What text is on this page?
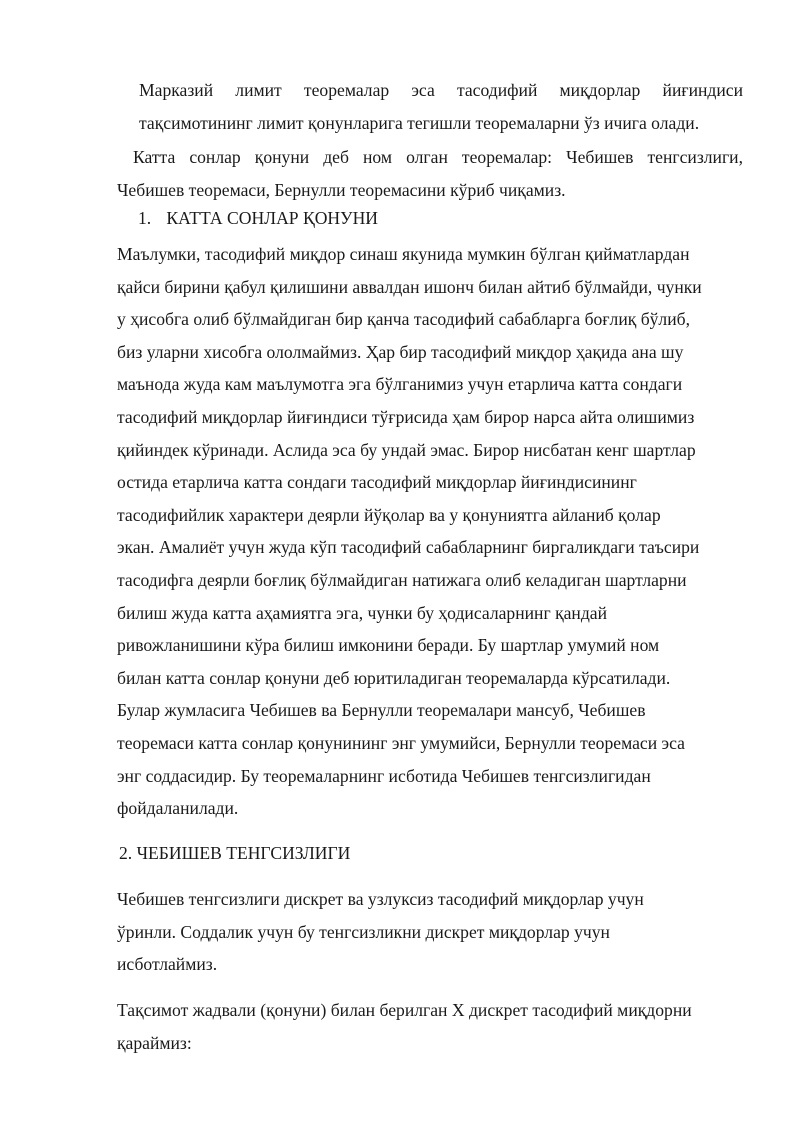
Марказий лимит теоремалар эса тасодифий миқдорлар йиғиндиси
тақсимотининг лимит қонунларига тегишли теоремаларни ўз ичига олади.

Катта сонлар қонуни деб ном олган теоремалар: Чебишев тенгсизлиги,
Чебишев теоремаси, Бернулли теоремасини кўриб чиқамиз.

1. КАТТА СОНЛАР ҚОНУНИ

Маълумки, тасодифий миқдор синаш якунида мумкин бўлган қийматлардан
қайси бирини қабул қилишини аввалдан ишонч билан айтиб бўлмайди, чунки
у ҳисобга олиб бўлмайдиган бир қанча тасодифий сабабларга боғлиқ бўлиб,
биз уларни хисобга ололмаймиз. Ҳар бир тасодифий миқдор ҳақида ана шу
маънода жуда кам маълумотга эга бўлганимиз учун етарлича катта сондаги
тасодифий миқдорлар йиғиндиси тўғрисида ҳам бирор нарса айта олишимиз
қийиндек кўринади. Аслида эса бу ундай эмас. Бирор нисбатан кенг шартлар
остида етарлича катта сондаги тасодифий миқдорлар йиғиндисининг
тасодифийлик характери деярли йўқолар ва у қонуниятга айланиб қолар
экан. Амалиёт учун жуда кўп тасодифий сабабларнинг биргаликдаги таъсири
тасодифга деярли боғлиқ бўлмайдиган натижага олиб келадиган шартларни
билиш жуда катта аҳамиятга эга, чунки бу ҳодисаларнинг қандай
ривожланишини кўра билиш имконини беради. Бу шартлар умумий ном
билан катта сонлар қонуни деб юритиладиган теоремаларда кўрсатилади.
Булар жумласига Чебишев ва Бернулли теоремалари мансуб, Чебишев
теоремаси катта сонлар қонунининг энг умумийси, Бернулли теоремаси эса
энг соддасидир. Бу теоремаларнинг исботида Чебишев тенгсизлигидан
фойдаланилади.

2. ЧЕБИШЕВ ТЕНГСИЗЛИГИ

Чебишев тенгсизлиги дискрет ва узлуксиз тасодифий миқдорлар учун
ўринли. Соддалик учун бу тенгсизликни дискрет миқдорлар учун
исботлаймиз.

Тақсимот жадвали (қонуни) билан берилган X дискрет тасодифий миқдорни
қараймиз:
